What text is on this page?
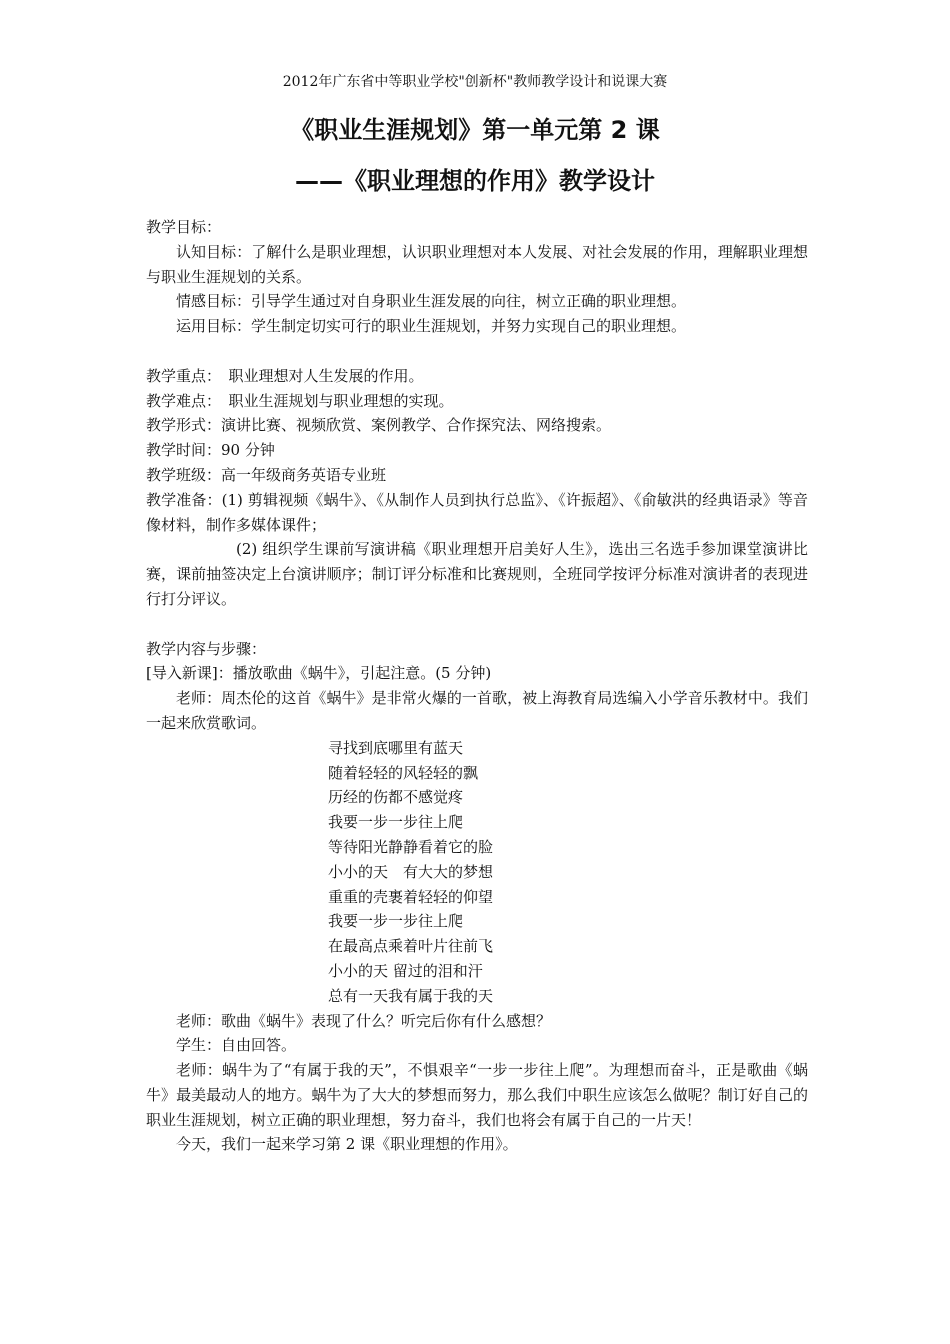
2012年广东省中等职业学校"创新杯"教师教学设计和说课大赛
《职业生涯规划》第一单元第 2 课
——《职业理想的作用》教学设计

教学目标：

认知目标：了解什么是职业理想，认识职业理想对本人发展、对社会发展的作用，理解职业理想与职业生涯规划的关系。

情感目标：引导学生通过对自身职业生涯发展的向往，树立正确的职业理想。

运用目标：学生制定切实可行的职业生涯规划，并努力实现自己的职业理想。

教学重点：　职业理想对人生发展的作用。

教学难点：　职业生涯规划与职业理想的实现。

教学形式：演讲比赛、视频欣赏、案例教学、合作探究法、网络搜索。

教学时间：90 分钟

教学班级：高一年级商务英语专业班

教学准备：(1) 剪辑视频《蜗牛》、《从制作人员到执行总监》、《许振超》、《俞敏洪的经典语录》等音像材料，制作多媒体课件；

(2) 组织学生课前写演讲稿《职业理想开启美好人生》，选出三名选手参加课堂演讲比赛，课前抽签决定上台演讲顺序；制订评分标准和比赛规则，全班同学按评分标准对演讲者的表现进行打分评议。

教学内容与步骤：

[导入新课]：播放歌曲《蜗牛》，引起注意。(5 分钟)

老师：周杰伦的这首《蜗牛》是非常火爆的一首歌，被上海教育局选编入小学音乐教材中。我们一起来欣赏歌词。

寻找到底哪里有蓝天
随着轻轻的风轻轻的飘
历经的伤都不感觉疼
我要一步一步往上爬
等待阳光静静看着它的脸
小小的天　有大大的梦想
重重的壳裹着轻轻的仰望
我要一步一步往上爬
在最高点乘着叶片往前飞
小小的天 留过的泪和汗
总有一天我有属于我的天

老师：歌曲《蜗牛》表现了什么？听完后你有什么感想？

学生：自由回答。

老师：蜗牛为了“有属于我的天”，不惧艰辛“一步一步往上爬”。为理想而奋斗，正是歌曲《蜗牛》最美最动人的地方。蜗牛为了大大的梦想而努力，那么我们中职生应该怎么做呢？制订好自己的职业生涯规划，树立正确的职业理想，努力奋斗，我们也将会有属于自己的一片天！

今天，我们一起来学习第 2 课《职业理想的作用》。
